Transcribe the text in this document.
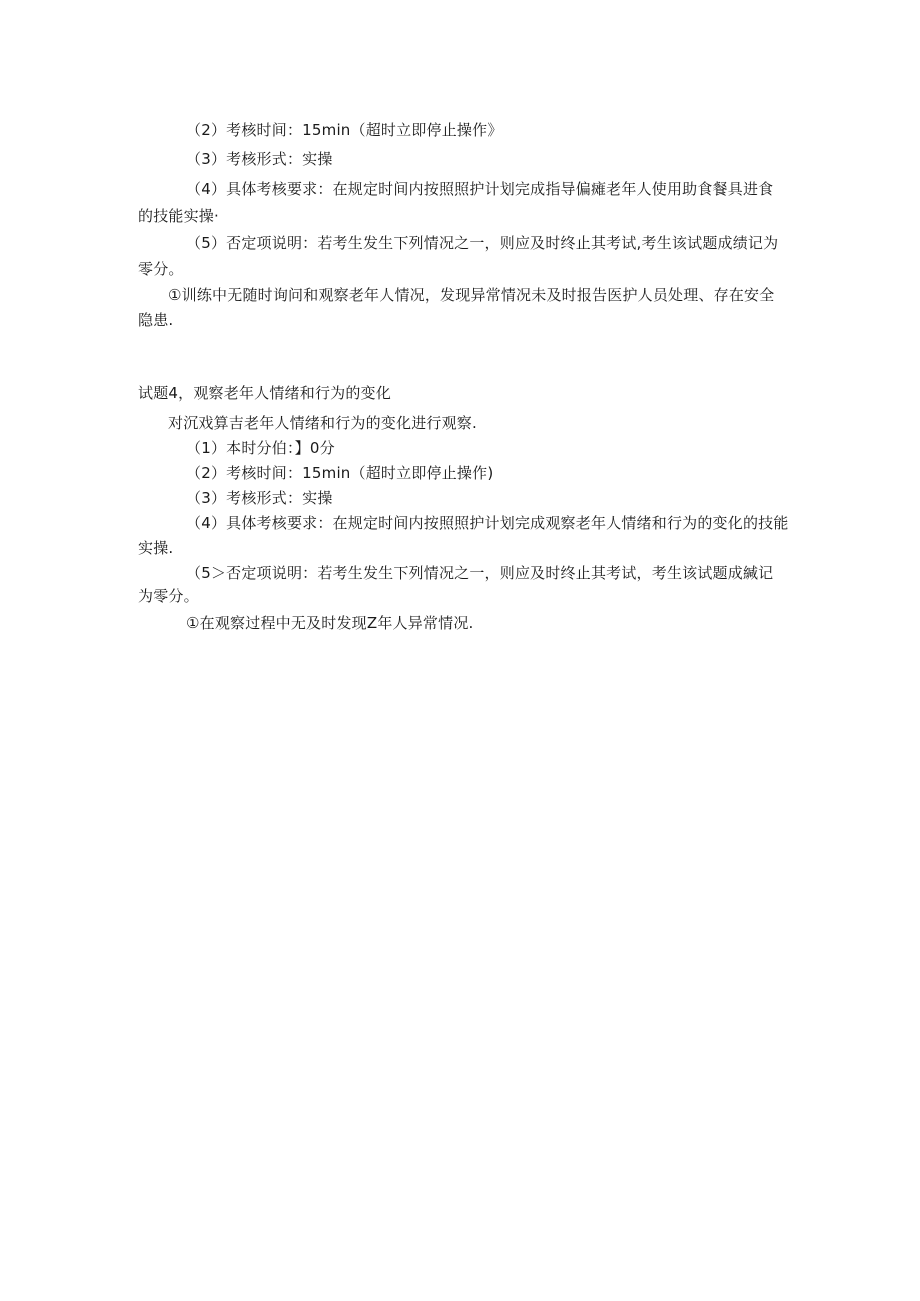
（2）考核时间：15min（超时立即停止操作》
（3）考核形式：实操
（4）具体考核要求：在规定时间内按照照护计划完成指导偏瘫老年人使用助食餐具进食
的技能实操·
（5）否定项说明：若考生发生下列情况之一，则应及时终止其考试,考生该试题成绩记为
零分。
①训练中无随时询问和观察老年人情况，发现异常情况未及时报告医护人员处理、存在安全
隐患.
试题4，观察老年人情绪和行为的变化
对沉戏算吉老年人情绪和行为的变化进行观察.
（1）本时分伯：】0分
（2）考核时间：15min（超时立即停止操作)
（3）考核形式：实操
（4）具体考核要求：在规定时间内按照照护计划完成观察老年人情绪和行为的变化的技能
实操.
（5＞否定项说明：若考生发生下列情况之一，则应及时终止其考试，考生该试题成緘记
为零分。
①在观察过程中无及时发现Z年人异常情况.
